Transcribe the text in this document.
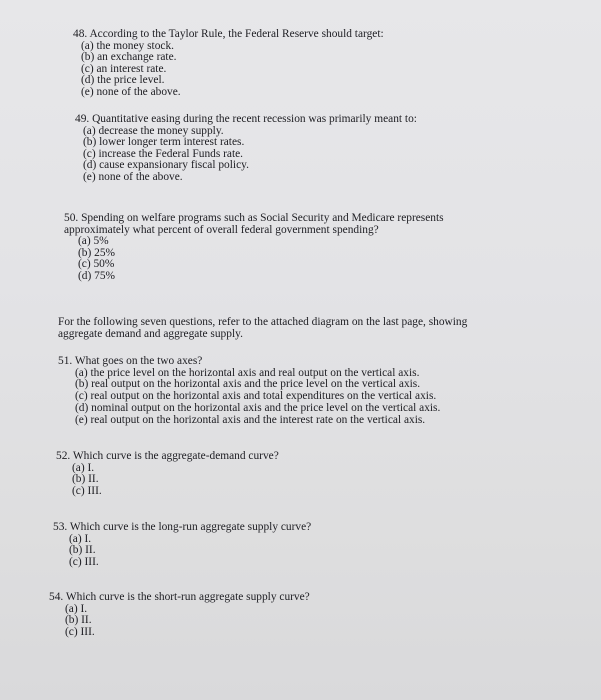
48. According to the Taylor Rule, the Federal Reserve should target:
(a) the money stock.
(b) an exchange rate.
(c) an interest rate.
(d) the price level.
(e) none of the above.
49. Quantitative easing during the recent recession was primarily meant to:
(a) decrease the money supply.
(b) lower longer term interest rates.
(c) increase the Federal Funds rate.
(d) cause expansionary fiscal policy.
(e) none of the above.
50. Spending on welfare programs such as Social Security and Medicare represents
approximately what percent of overall federal government spending?
(a) 5%
(b) 25%
(c) 50%
(d) 75%
For the following seven questions, refer to the attached diagram on the last page, showing
aggregate demand and aggregate supply.
51. What goes on the two axes?
(a) the price level on the horizontal axis and real output on the vertical axis.
(b) real output on the horizontal axis and the price level on the vertical axis.
(c) real output on the horizontal axis and total expenditures on the vertical axis.
(d) nominal output on the horizontal axis and the price level on the vertical axis.
(e) real output on the horizontal axis and the interest rate on the vertical axis.
52. Which curve is the aggregate-demand curve?
(a) I.
(b) II.
(c) III.
53. Which curve is the long-run aggregate supply curve?
(a) I.
(b) II.
(c) III.
54. Which curve is the short-run aggregate supply curve?
(a) I.
(b) II.
(c) III.
